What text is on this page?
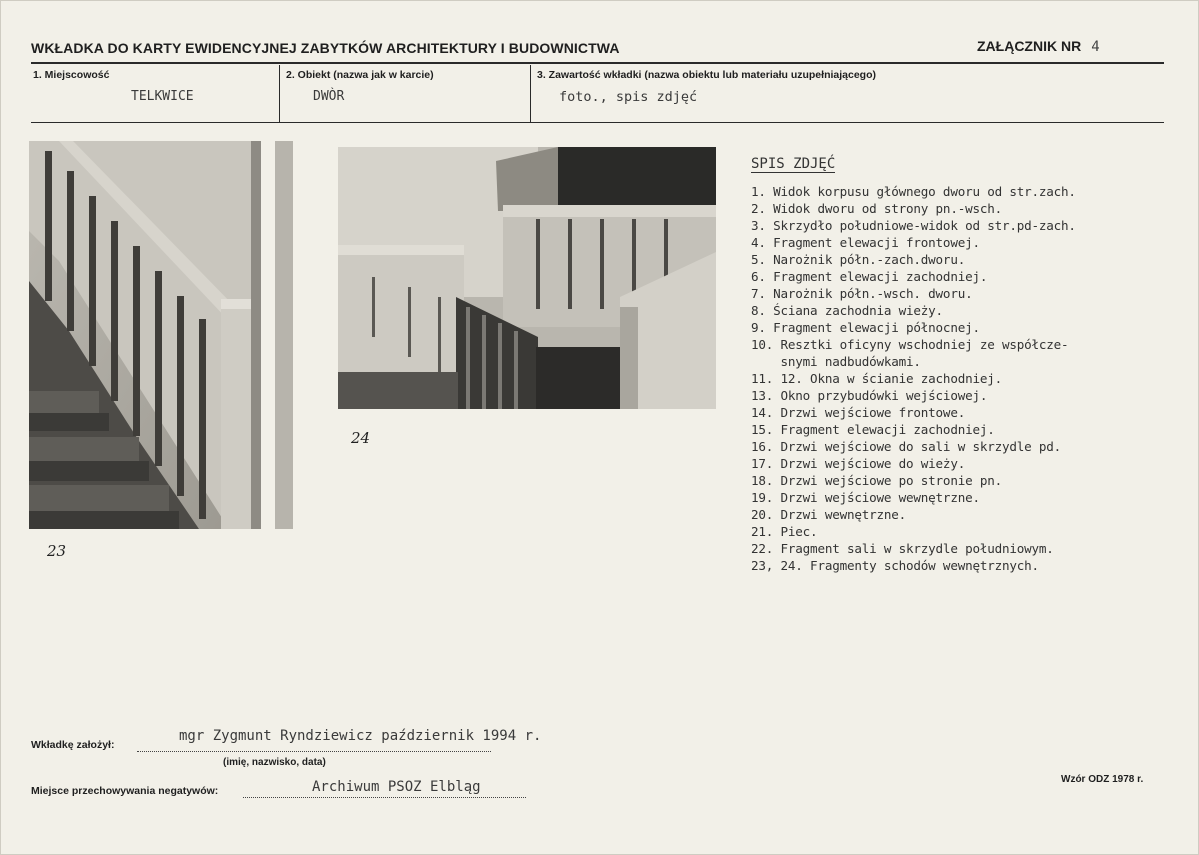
WKŁADKA DO KARTY EWIDENCYJNEJ ZABYTKÓW ARCHITEKTURY I BUDOWNICTWA	ZAŁĄCZNIK NR 4
1. Miejscowość
TELKWICE
2. Obiekt (nazwa jak w karcie)
DWÒR
3. Zawartość wkładki (nazwa obiektu lub materiału uzupełniającego)
foto., spis zdjęć
23
24
SPIS ZDJĘĆ
1. Widok korpusu głównego dworu od str.zach.
2. Widok dworu od strony pn.-wsch.
3. Skrzydło południowe-widok od str.pd-zach.
4. Fragment elewacji frontowej.
5. Narożnik półn.-zach.dworu.
6. Fragment elewacji zachodniej.
7. Narożnik półn.-wsch. dworu.
8. Ściana zachodnia wieży.
9. Fragment elewacji północnej.
10. Resztki oficyny wschodniej ze współcze-
snymi nadbudówkami.
11. 12. Okna w ścianie zachodniej.
13. Okno przybudówki wejściowej.
14. Drzwi wejściowe frontowe.
15. Fragment elewacji zachodniej.
16. Drzwi wejściowe do sali w skrzydle pd.
17. Drzwi wejściowe do wieży.
18. Drzwi wejściowe po stronie pn.
19. Drzwi wejściowe wewnętrzne.
20. Drzwi wewnętrzne.
21. Piec.
22. Fragment sali w skrzydle południowym.
23, 24. Fragmenty schodów wewnętrznych.
Wkładkę założył:
mgr Zygmunt Ryndziewicz październik 1994 r.
(imię, nazwisko, data)
Miejsce przechowywania negatywów:	Archiwum PSOZ Elbląg	Wzór ODZ 1978 r.
